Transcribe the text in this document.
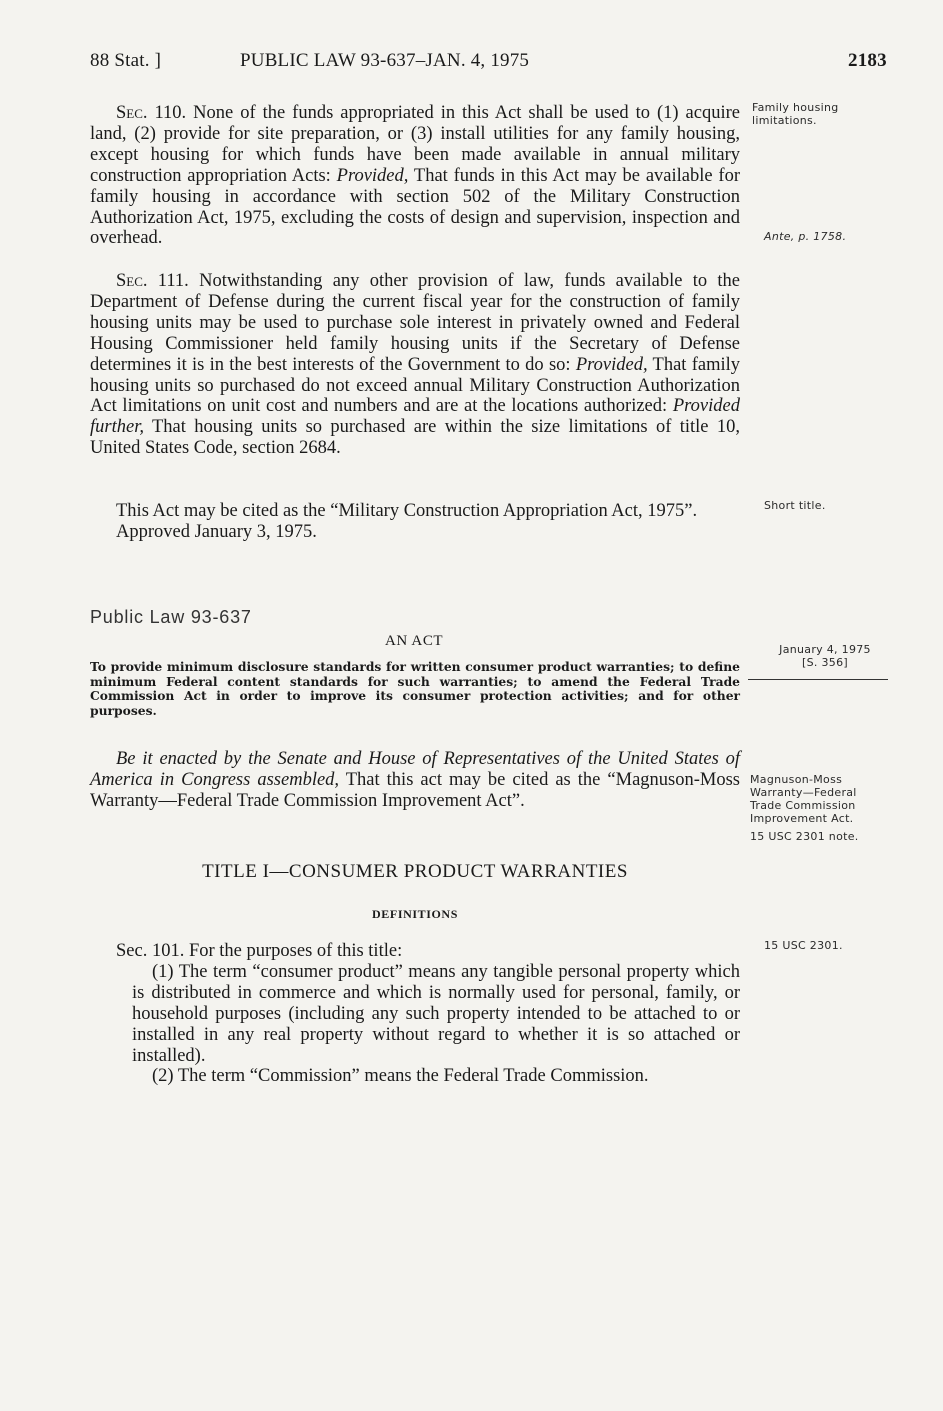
88 Stat. ]	PUBLIC LAW 93-637–JAN. 4, 1975	2183

Sec. 110. None of the funds appropriated in this Act shall be used to (1) acquire land, (2) provide for site preparation, or (3) install utilities for any family housing, except housing for which funds have been made available in annual military construction appropriation Acts: Provided, That funds in this Act may be available for family housing in accordance with section 502 of the Military Construction Authorization Act, 1975, excluding the costs of design and supervision, inspection and overhead.

Sec. 111. Notwithstanding any other provision of law, funds available to the Department of Defense during the current fiscal year for the construction of family housing units may be used to purchase sole interest in privately owned and Federal Housing Commissioner held family housing units if the Secretary of Defense determines it is in the best interests of the Government to do so: Provided, That family housing units so purchased do not exceed annual Military Construction Authorization Act limitations on unit cost and numbers and are at the locations authorized: Provided further, That housing units so purchased are within the size limitations of title 10, United States Code, section 2684.

This Act may be cited as the “Military Construction Appropriation Act, 1975”.

Approved January 3, 1975.

Public Law 93-637
AN ACT
To provide minimum disclosure standards for written consumer product warranties; to define minimum Federal content standards for such warranties; to amend the Federal Trade Commission Act in order to improve its consumer protection activities; and for other purposes.

Be it enacted by the Senate and House of Representatives of the United States of America in Congress assembled, That this act may be cited as the “Magnuson-Moss Warranty—Federal Trade Commission Improvement Act”.

TITLE I—CONSUMER PRODUCT WARRANTIES
DEFINITIONS

Sec. 101. For the purposes of this title:

(1) The term “consumer product” means any tangible personal property which is distributed in commerce and which is normally used for personal, family, or household purposes (including any such property intended to be attached to or installed in any real property without regard to whether it is so attached or installed).

(2) The term “Commission” means the Federal Trade Commission.

Family housing limitations.
Ante, p. 1758.
Short title.
January 4, 1975
[S. 356]
Magnuson-Moss Warranty—Federal Trade Commission Improvement Act.
15 USC 2301 note.
15 USC 2301.
